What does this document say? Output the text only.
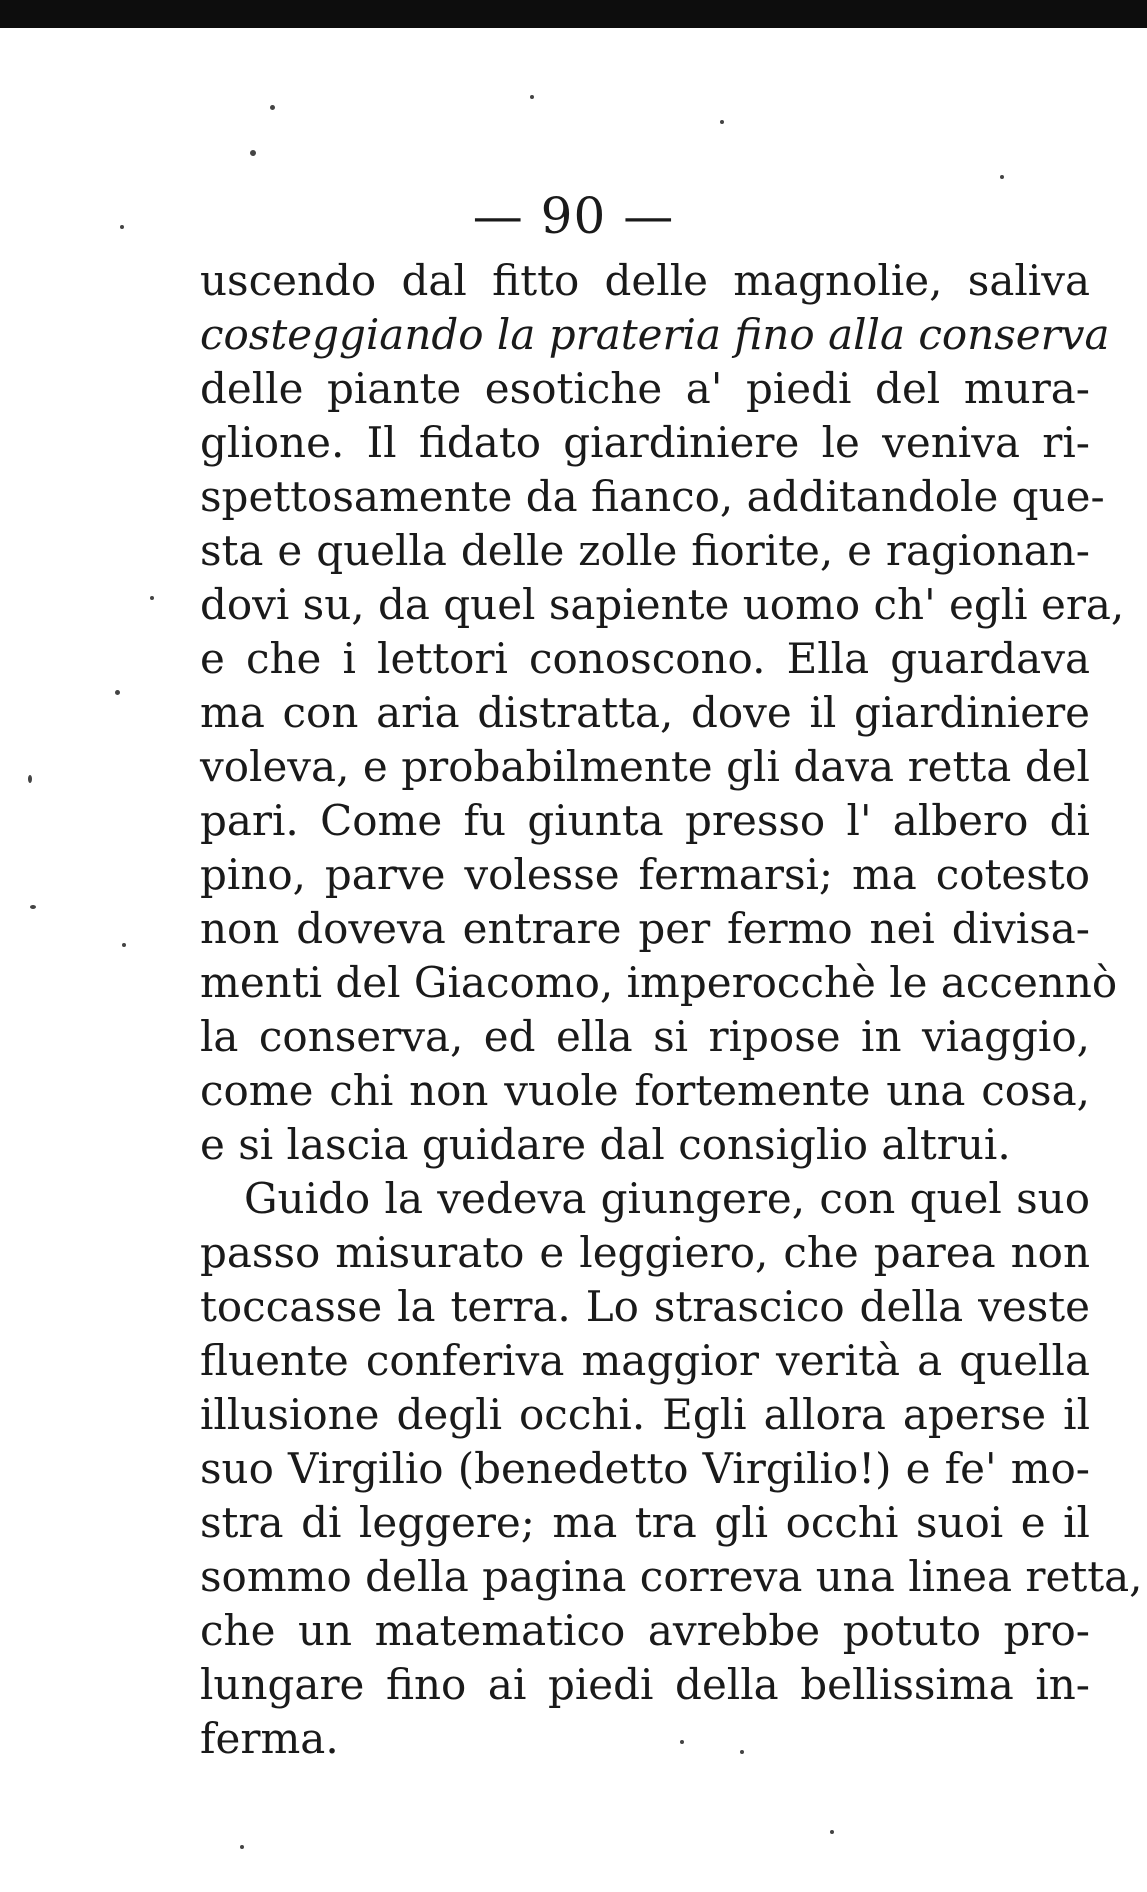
— 90 —
uscendo dal fitto delle magnolie, saliva
costeggiando la prateria fino alla conserva
delle piante esotiche a' piedi del mura-
glione. Il fidato giardiniere le veniva ri-
spettosamente da fianco, additandole que-
sta e quella delle zolle fiorite, e ragionan-
dovi su, da quel sapiente uomo ch' egli era,
e che i lettori conoscono. Ella guardava
ma con aria distratta, dove il giardiniere
voleva, e probabilmente gli dava retta del
pari. Come fu giunta presso l' albero di
pino, parve volesse fermarsi; ma cotesto
non doveva entrare per fermo nei divisa-
menti del Giacomo, imperocchè le accennò
la conserva, ed ella si ripose in viaggio,
come chi non vuole fortemente una cosa,
e si lascia guidare dal consiglio altrui.
Guido la vedeva giungere, con quel suo
passo misurato e leggiero, che parea non
toccasse la terra. Lo strascico della veste
fluente conferiva maggior verità a quella
illusione degli occhi. Egli allora aperse il
suo Virgilio (benedetto Virgilio!) e fe' mo-
stra di leggere; ma tra gli occhi suoi e il
sommo della pagina correva una linea retta,
che un matematico avrebbe potuto pro-
lungare fino ai piedi della bellissima in-
ferma.
